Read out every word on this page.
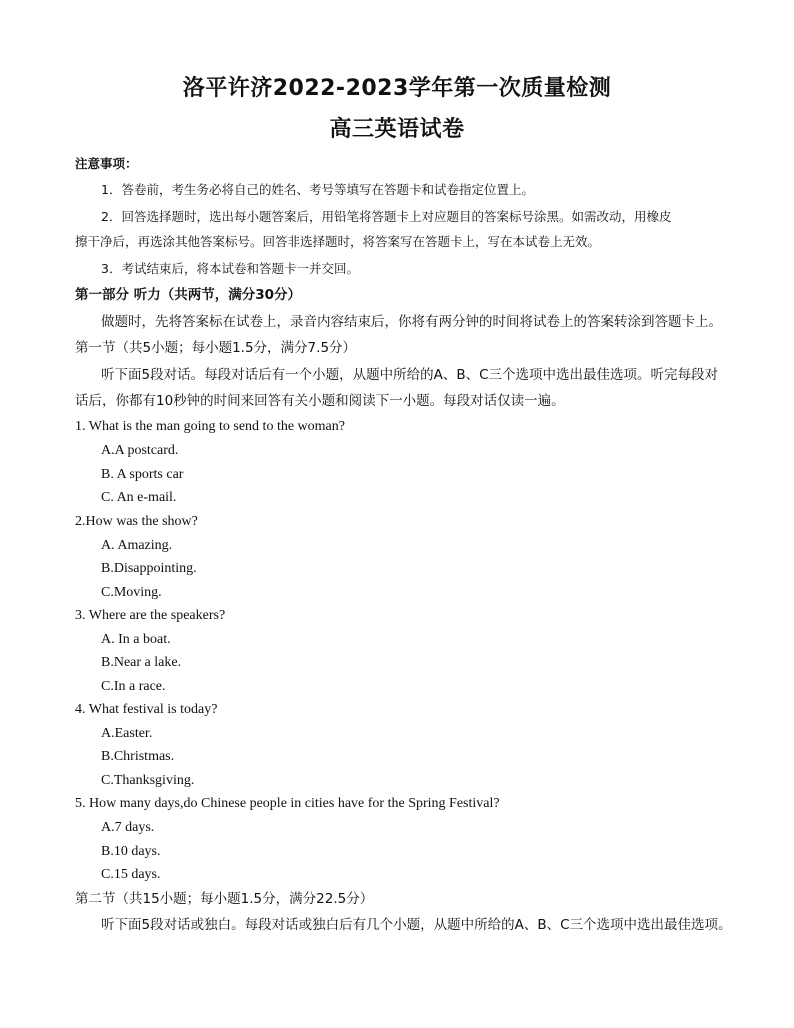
洛平许济2022-2023学年第一次质量检测
高三英语试卷
注意事项：
1．答卷前，考生务必将自己的姓名、考号等填写在答题卡和试卷指定位置上。
2．回答选择题时，选出每小题答案后，用铅笔将答题卡上对应题目的答案标号涂黑。如需改动，用橡皮
擦干净后，再选涂其他答案标号。回答非选择题时，将答案写在答题卡上，写在本试卷上无效。
3．考试结束后，将本试卷和答题卡一并交回。
第一部分 听力（共两节，满分30分）
做题时，先将答案标在试卷上，录音内容结束后，你将有两分钟的时间将试卷上的答案转涂到答题卡上。
第一节（共5小题；每小题1.5分，满分7.5分）
听下面5段对话。每段对话后有一个小题，从题中所给的A、B、C三个选项中选出最佳选项。听完每段对
话后，你都有10秒钟的时间来回答有关小题和阅读下一小题。每段对话仅读一遍。
1. What is the man going to send to the woman?
A.A postcard.
B. A sports car
C. An e-mail.
2.How was the show?
A. Amazing.
B.Disappointing.
C.Moving.
3. Where are the speakers?
A. In a boat.
B.Near a lake.
C.In a race.
4. What festival is today?
A.Easter.
B.Christmas.
C.Thanksgiving.
5. How many days,do Chinese people in cities have for the Spring Festival?
A.7 days.
B.10 days.
C.15 days.
第二节（共15小题；每小题1.5分，满分22.5分）
听下面5段对话或独白。每段对话或独白后有几个小题，从题中所给的A、B、C三个选项中选出最佳选项。
